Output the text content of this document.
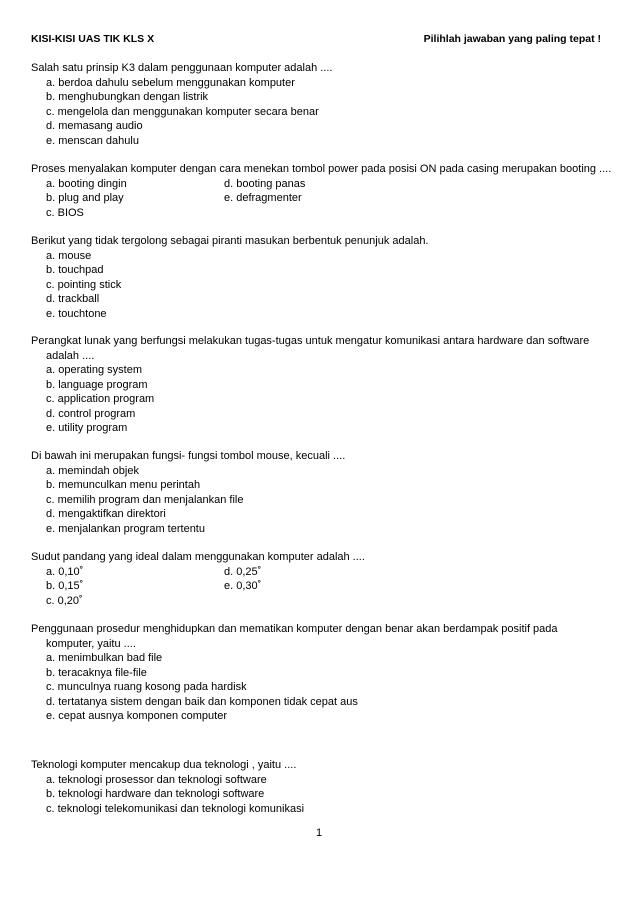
KISI-KISI UAS TIK KLS X	Pilihlah jawaban yang paling tepat !
Salah satu prinsip K3 dalam penggunaan komputer adalah ....
a. berdoa dahulu sebelum menggunakan komputer
b. menghubungkan dengan listrik
c. mengelola dan menggunakan komputer secara benar
d. memasang audio
e. menscan dahulu
Proses menyalakan komputer dengan cara menekan tombol power pada posisi ON pada casing merupakan booting ....
a. booting dingin	d. booting panas
b. plug and play	e. defragmenter
c. BIOS
Berikut yang tidak tergolong sebagai piranti masukan berbentuk penunjuk adalah.
a. mouse
b. touchpad
c. pointing stick
d. trackball
e. touchtone
Perangkat lunak yang berfungsi melakukan tugas-tugas untuk mengatur komunikasi antara hardware dan software
adalah ....
a. operating system
b. language program
c. application program
d. control program
e. utility program
Di bawah ini merupakan fungsi- fungsi tombol mouse, kecuali ....
a. memindah objek
b. memunculkan menu perintah
c. memilih program dan menjalankan file
d. mengaktifkan direktori
e. menjalankan program tertentu
Sudut pandang yang ideal dalam menggunakan komputer adalah ....
a. 0,10˚	d. 0,25˚
b. 0,15˚	e. 0,30˚
c. 0,20˚
Penggunaan prosedur menghidupkan dan mematikan komputer dengan benar akan berdampak positif pada
komputer, yaitu ....
a. menimbulkan bad file
b. teracaknya file-file
c. munculnya ruang kosong pada hardisk
d. tertatanya sistem dengan baik dan komponen tidak cepat aus
e. cepat ausnya komponen computer
Teknologi komputer mencakup dua teknologi , yaitu ....
a. teknologi prosessor dan teknologi software
b. teknologi hardware dan teknologi software
c. teknologi telekomunikasi dan teknologi komunikasi
1
